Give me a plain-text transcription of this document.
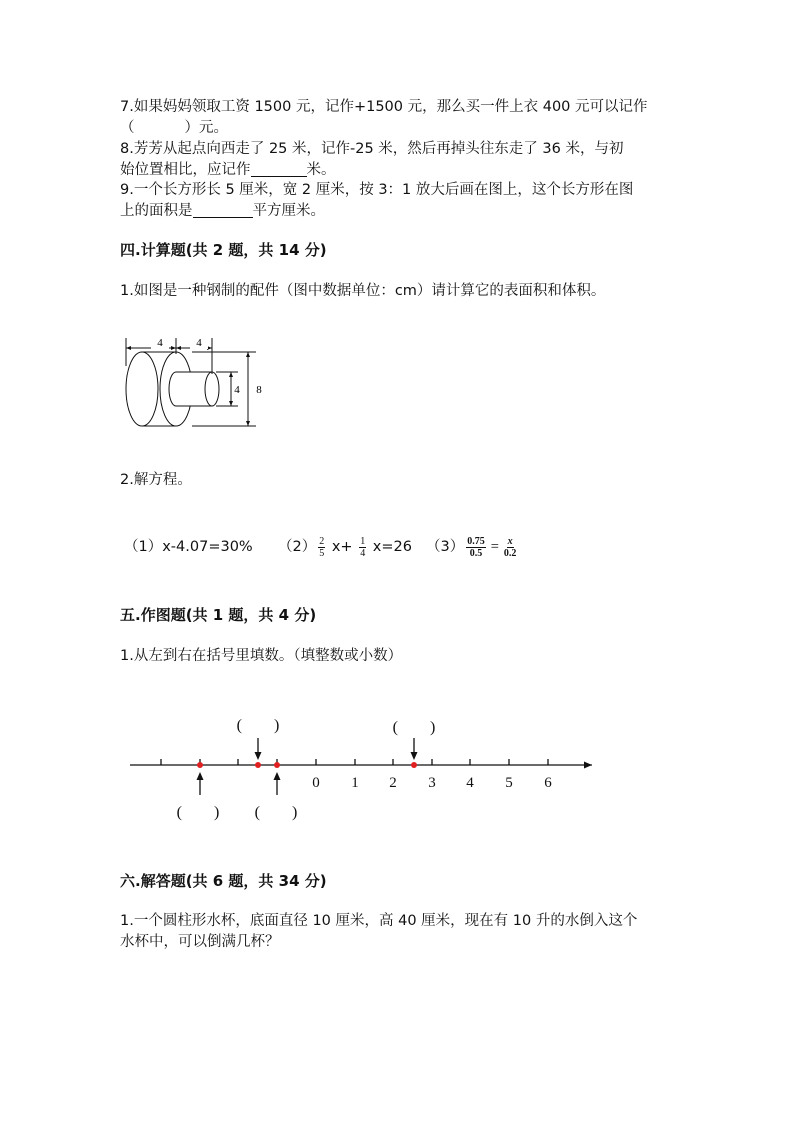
7.如果妈妈领取工资 1500 元，记作+1500 元，那么买一件上衣 400 元可以记作
（	）元。
8.芳芳从起点向西走了 25 米，记作-25 米，然后再掉头往东走了 36 米，与初
始位置相比，应记作	米。
9.一个长方形长 5 厘米，宽 2 厘米，按 3：1 放大后画在图上，这个长方形在图
上的面积是	平方厘米。
四.计算题(共 2 题，共 14 分)
1.如图是一种钢制的配件（图中数据单位：cm）请计算它的表面积和体积。
4	4
4 8
2.解方程。
（1）x-4.07=30% $(2) \frac{2}{5} x+ \frac{1}{4} x=26$ $(3) \frac{0.75}{0.5} = \frac{x}{0.2}$
五.作图题(共 1 题，共 4 分)
1.从左到右在括号里填数。（填整数或小数）
0 1 2 3 4 5 6
(　　)	(　　)
(　　) (　　)
六.解答题(共 6 题，共 34 分)
1.一个圆柱形水杯，底面直径 10 厘米，高 40 厘米，现在有 10 升的水倒入这个
水杯中，可以倒满几杯？
